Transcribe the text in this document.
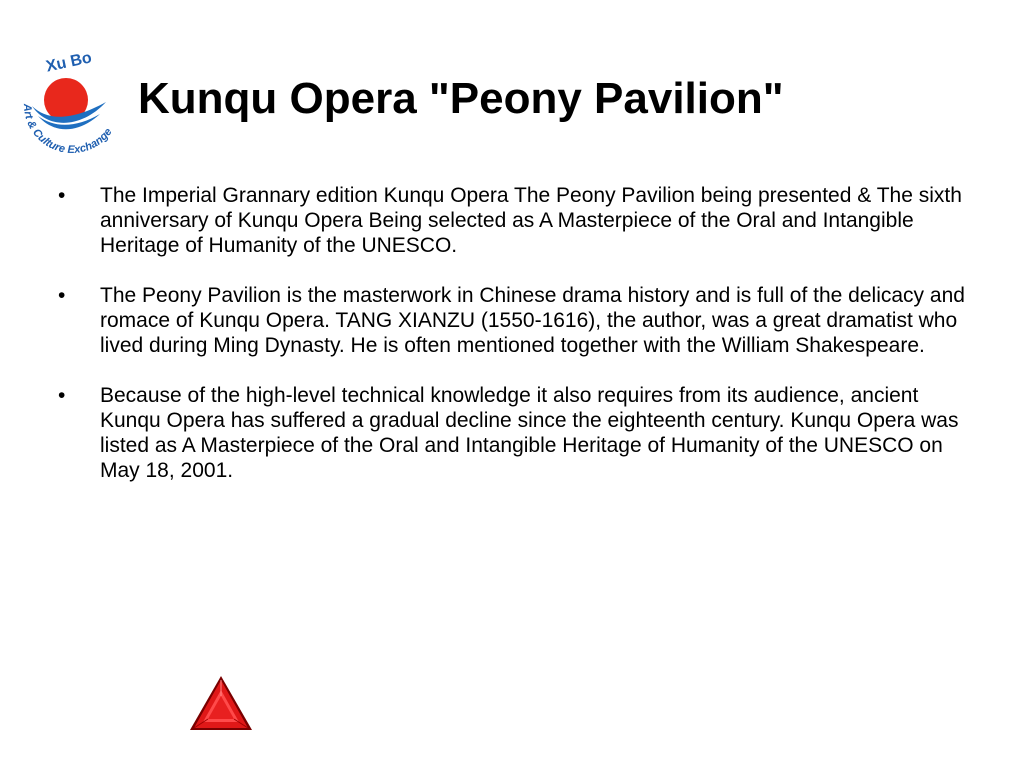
Xu Bo
Art & Culture Exchange
Kunqu Opera "Peony Pavilion"
• The Imperial Grannary edition Kunqu Opera The Peony Pavilion being presented & The sixth anniversary of Kunqu Opera Being selected as A Masterpiece of the Oral and Intangible Heritage of Humanity of the UNESCO.
• The Peony Pavilion is the masterwork in Chinese drama history and is full of the delicacy and romace of Kunqu Opera. TANG XIANZU (1550-1616), the author, was a great dramatist who lived during Ming Dynasty. He is often mentioned together with the William Shakespeare.
• Because of the high-level technical knowledge it also requires from its audience, ancient Kunqu Opera has suffered a gradual decline since the eighteenth century. Kunqu Opera was listed as A Masterpiece of the Oral and Intangible Heritage of Humanity of the UNESCO on May 18, 2001.
